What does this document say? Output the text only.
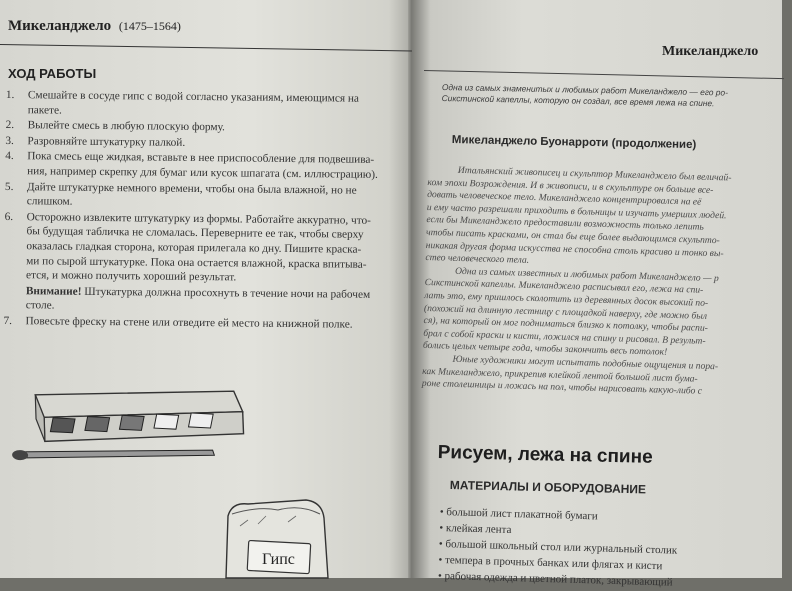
Микеланджело (1475–1564)
ХОД РАБОТЫ
1.	Смешайте в сосуде гипс с водой согласно указаниям, имеющимся на
пакете.
2.	Вылейте смесь в любую плоскую форму.
3.	Разровняйте штукатурку палкой.
4.	Пока смесь еще жидкая, вставьте в нее приспособление для подвешива-
ния, например скрепку для бумаг или кусок шпагата (см. иллюстрацию).
5.	Дайте штукатурке немного времени, чтобы она была влажной, но не
слишком.
6.	Осторожно извлеките штукатурку из формы. Работайте аккуратно, что-
бы будущая табличка не сломалась. Переверните ее так, чтобы сверху
оказалась гладкая сторона, которая прилегала ко дну. Пишите краска-
ми по сырой штукатурке. Пока она остается влажной, краска впитыва-
ется, и можно получить хороший результат.
Внимание! Штукатурка должна просохнуть в течение ночи на рабочем
столе.
7.	Повесьте фреску на стене или отведите ей место на книжной полке.
Гипс
Микеланджело
Одна из самых знаменитых и любимых работ Микеланджело — его ро-
Сикстинской капеллы, которую он создал, все время лежа на спине.
Микеланджело Буонарроти (продолжение)

Итальянский живописец и скульптор Микеланджело был величай-
ком эпохи Возрождения. И в живописи, и в скульптуре он больше все-
довать человеческое тело. Микеланджело концентрировался на её
и ему часто разрешали приходить в больницы и изучать умерших людей.
если бы Микеланджело предоставили возможность только лепить
чтобы писать красками, он стал бы еще более выдающимся скульпто-
никакая другая форма искусства не способна столь красиво и тонко вы-
стео человеческого тела.

Одна из самых известных и любимых работ Микеланджело — р
Сикстинской капеллы. Микеланджело расписывал его, лежа на спи-
лать это, ему пришлось сколотить из деревянных досок высокий по-
(похожий на длинную лестницу с площадкой наверху, где можно был
ся), на который он мог подниматься близко к потолку, чтобы распи-
брал с собой краски и кисти, ложился на спину и рисовал. В результ-
болись целых четыре года, чтобы закончить весь потолок!

Юные художники могут испытать подобные ощущения и пора-
как Микеланджело, прикрепив клейкой лентой большой лист бума-
роне столешницы и ложась на пол, чтобы нарисовать какую-либо с

Рисуем, лежа на спине
МАТЕРИАЛЫ И ОБОРУДОВАНИЕ
• большой лист плакатной бумаги
• клейкая лента
• большой школьный стол или журнальный столик
• темпера в прочных банках или флягах и кисти
• рабочая одежда и цветной платок, закрывающий
